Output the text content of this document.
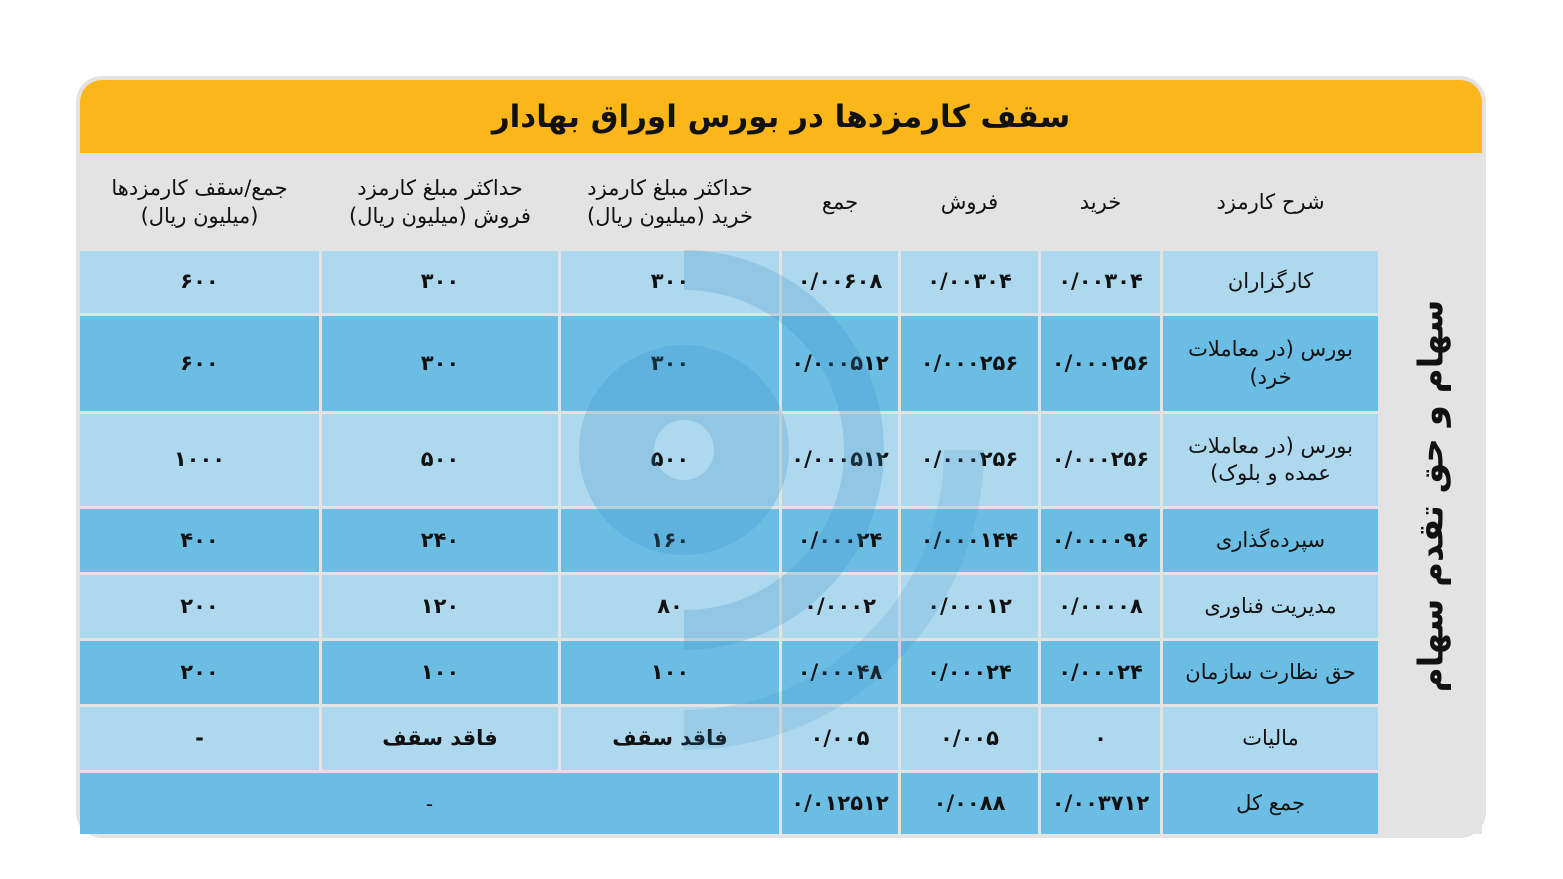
سقف کارمزدها در بورس اوراق بهادار
سهام و حق تقدم سهام
شرح کارمزد
خرید
فروش
جمع
حداکثر مبلغ کارمزد خرید (میلیون ریال)
حداکثر مبلغ کارمزد فروش (میلیون ریال)
جمع/سقف کارمزدها (میلیون ریال)
کارگزاران
۰/۰۰۳۰۴
۰/۰۰۳۰۴
۰/۰۰۶۰۸
۳۰۰
۳۰۰
۶۰۰
بورس (در معاملات خرد)
۰/۰۰۰۲۵۶
۰/۰۰۰۲۵۶
۰/۰۰۰۵۱۲
۳۰۰
۳۰۰
۶۰۰
بورس (در معاملات عمده و بلوک)
۰/۰۰۰۲۵۶
۰/۰۰۰۲۵۶
۰/۰۰۰۵۱۲
۵۰۰
۵۰۰
۱۰۰۰
سپرده‌گذاری
۰/۰۰۰۰۹۶
۰/۰۰۰۱۴۴
۰/۰۰۰۲۴
۱۶۰
۲۴۰
۴۰۰
مدیریت فناوری
۰/۰۰۰۰۸
۰/۰۰۰۱۲
۰/۰۰۰۲
۸۰
۱۲۰
۲۰۰
حق نظارت سازمان
۰/۰۰۰۲۴
۰/۰۰۰۲۴
۰/۰۰۰۴۸
۱۰۰
۱۰۰
۲۰۰
مالیات
۰
۰/۰۰۵
۰/۰۰۵
فاقد سقف
فاقد سقف
-
جمع کل
۰/۰۰۳۷۱۲
۰/۰۰۸۸
۰/۰۱۲۵۱۲
-
